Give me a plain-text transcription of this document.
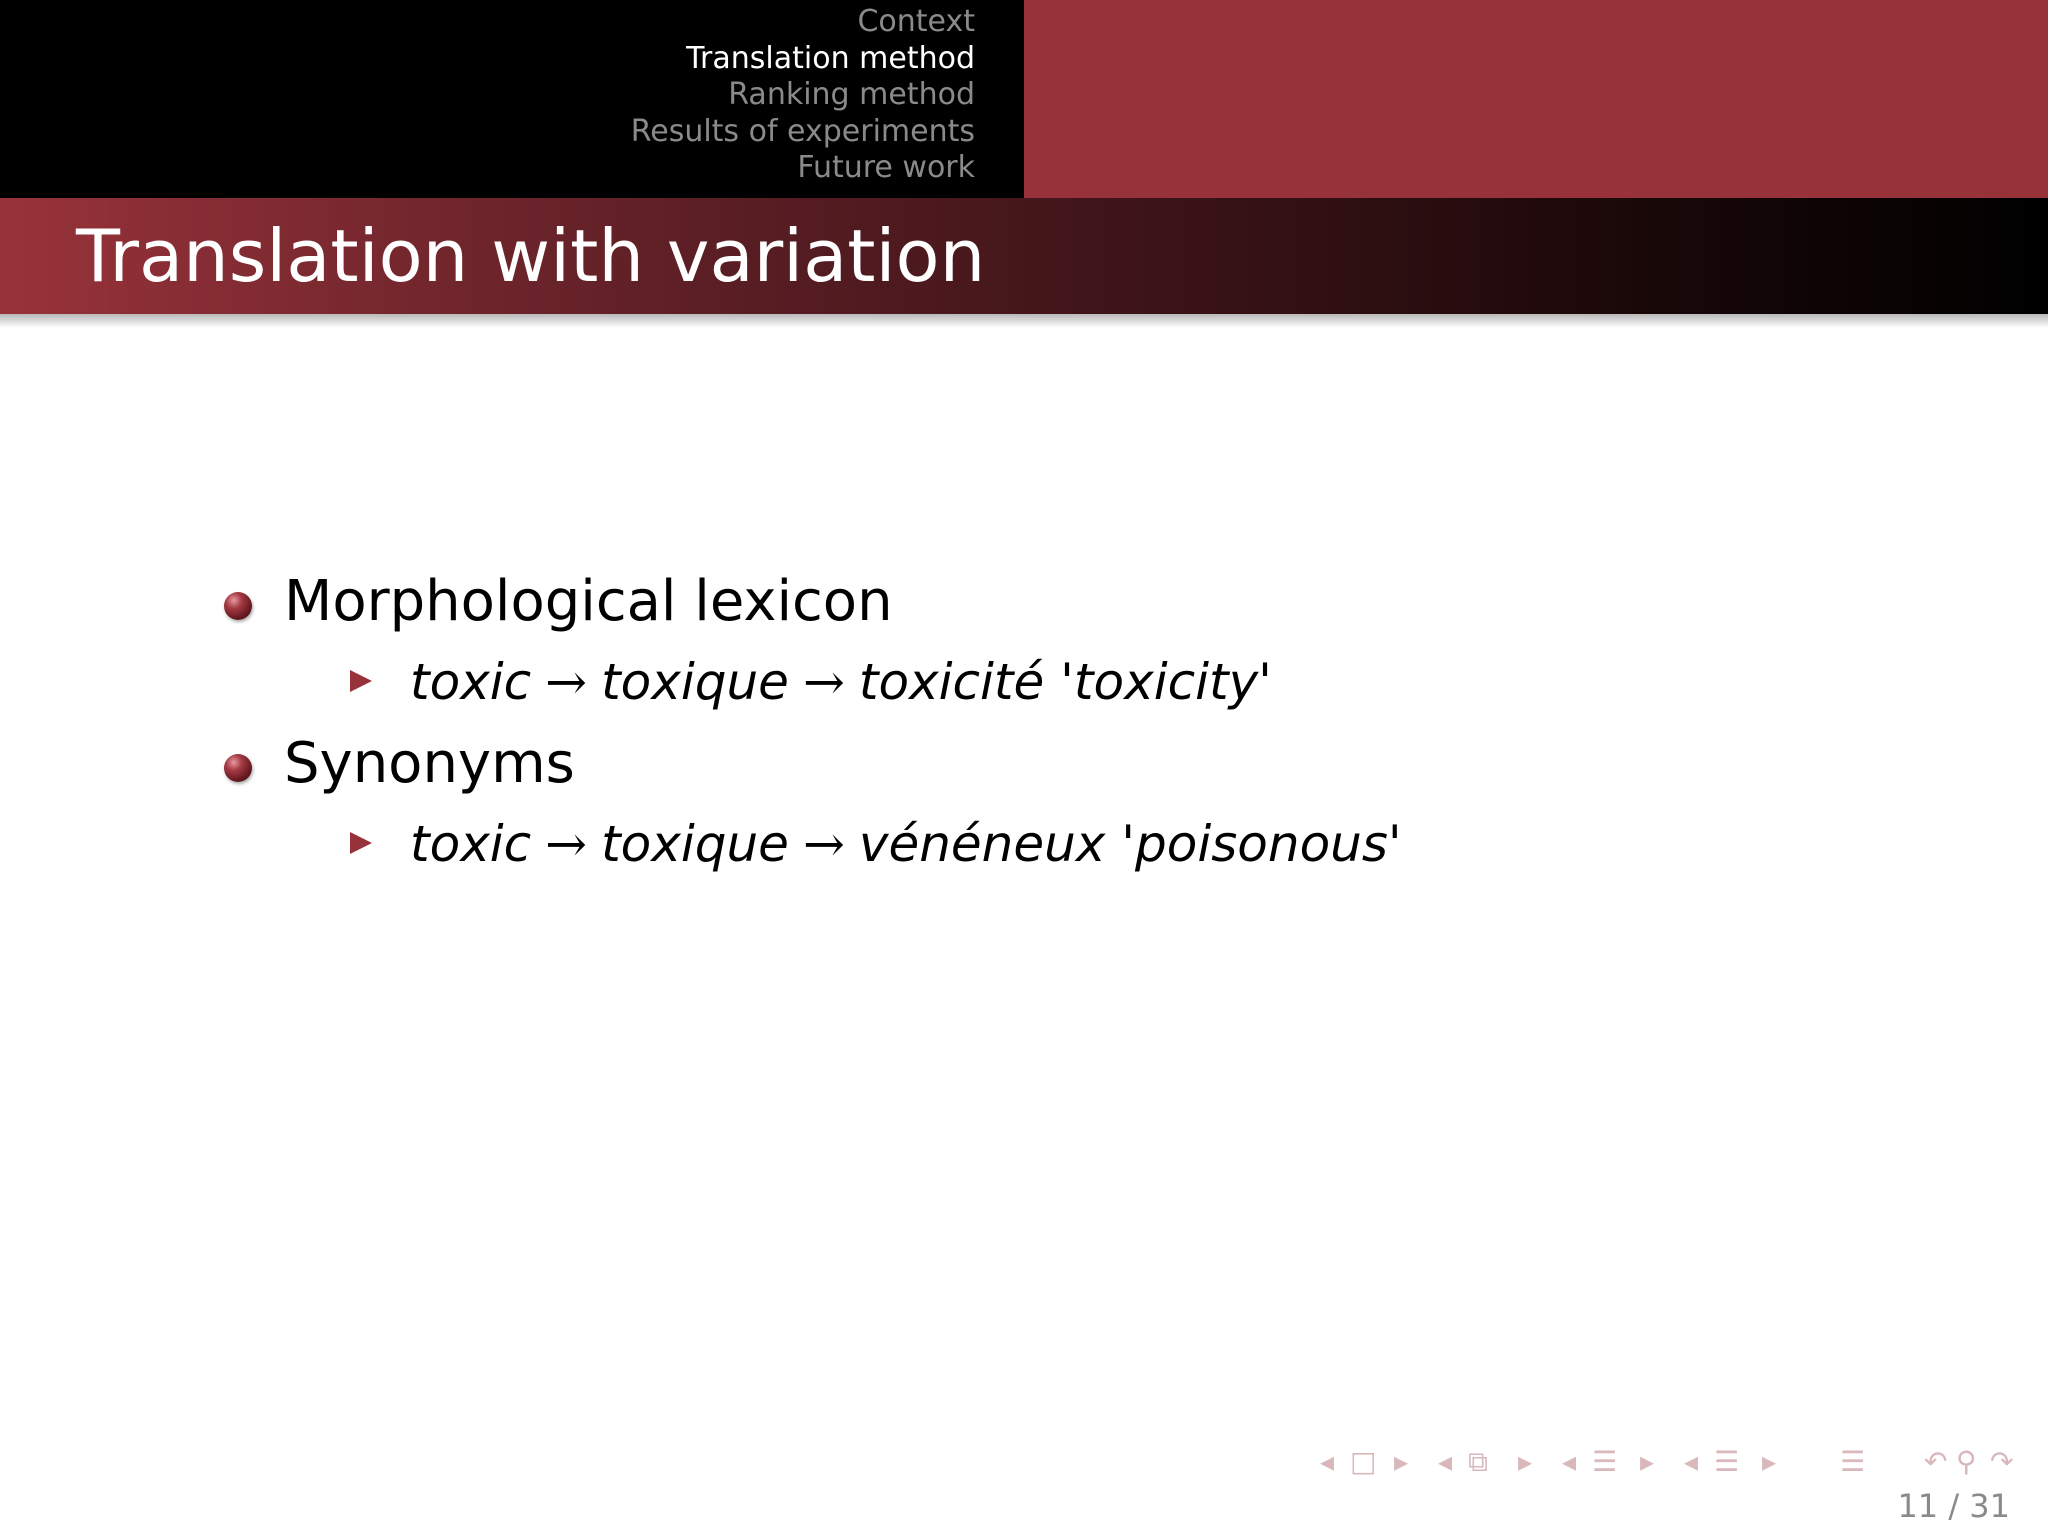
Context
Translation method
Ranking method
Results of experiments
Future work
Translation with variation
Morphological lexicon
toxic → toxique → toxicité 'toxicity'
Synonyms
toxic → toxique → vénéneux 'poisonous'
◂ □ ▸ ◂ ⧉ ▸ ◂ ☰ ▸ ◂ ☰ ▸ ☰ ↶ ⚲ ↷
11 / 31
